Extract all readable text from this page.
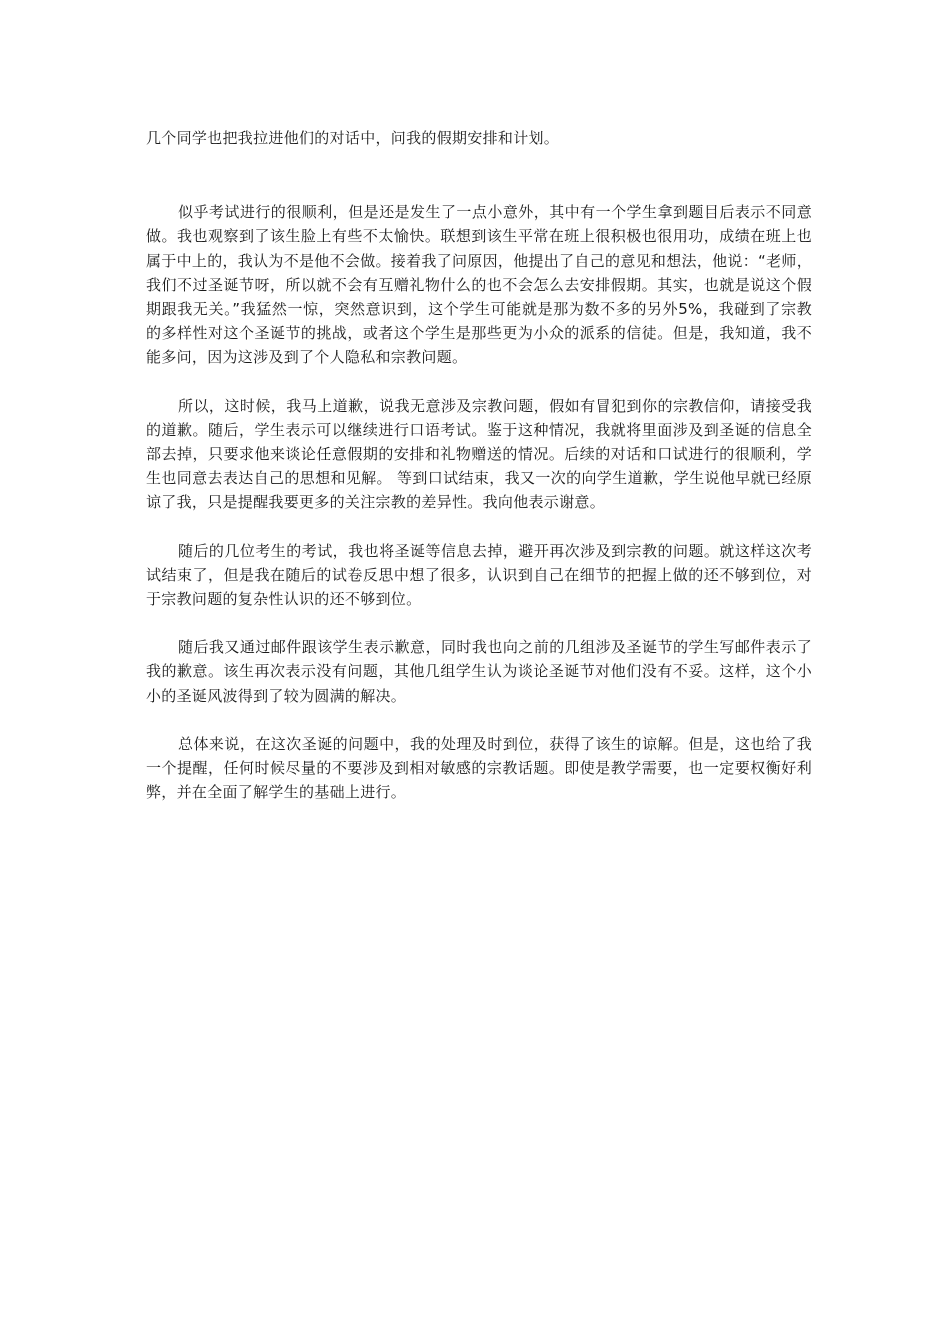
几个同学也把我拉进他们的对话中，问我的假期安排和计划。

似乎考试进行的很顺利，但是还是发生了一点小意外，其中有一个学生拿到题目后表示不同意做。我也观察到了该生脸上有些不太愉快。联想到该生平常在班上很积极也很用功，成绩在班上也属于中上的，我认为不是他不会做。接着我了问原因，他提出了自己的意见和想法，他说：“老师，我们不过圣诞节呀，所以就不会有互赠礼物什么的也不会怎么去安排假期。其实，也就是说这个假期跟我无关。”我猛然一惊，突然意识到，这个学生可能就是那为数不多的另外5%，我碰到了宗教的多样性对这个圣诞节的挑战，或者这个学生是那些更为小众的派系的信徒。但是，我知道，我不能多问，因为这涉及到了个人隐私和宗教问题。

所以，这时候，我马上道歉，说我无意涉及宗教问题，假如有冒犯到你的宗教信仰，请接受我的道歉。随后，学生表示可以继续进行口语考试。鉴于这种情况，我就将里面涉及到圣诞的信息全部去掉，只要求他来谈论任意假期的安排和礼物赠送的情况。后续的对话和口试进行的很顺利，学生也同意去表达自己的思想和见解。 等到口试结束，我又一次的向学生道歉，学生说他早就已经原谅了我，只是提醒我要更多的关注宗教的差异性。我向他表示谢意。

随后的几位考生的考试，我也将圣诞等信息去掉，避开再次涉及到宗教的问题。就这样这次考试结束了，但是我在随后的试卷反思中想了很多，认识到自己在细节的把握上做的还不够到位，对于宗教问题的复杂性认识的还不够到位。

随后我又通过邮件跟该学生表示歉意，同时我也向之前的几组涉及圣诞节的学生写邮件表示了我的歉意。该生再次表示没有问题，其他几组学生认为谈论圣诞节对他们没有不妥。这样，这个小小的圣诞风波得到了较为圆满的解决。

总体来说，在这次圣诞的问题中，我的处理及时到位，获得了该生的谅解。但是，这也给了我一个提醒，任何时候尽量的不要涉及到相对敏感的宗教话题。即使是教学需要，也一定要权衡好利弊，并在全面了解学生的基础上进行。
